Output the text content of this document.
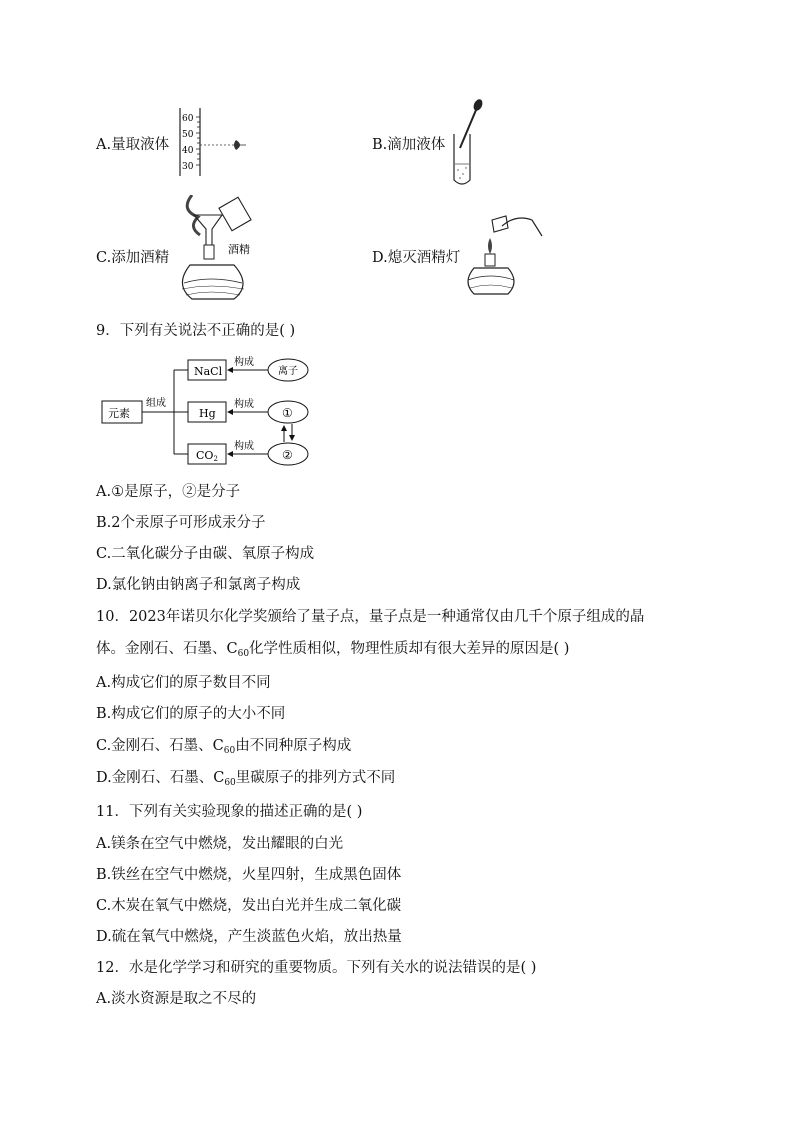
A.量取液体
60
50
40
30
B.滴加液体
C.添加酒精
酒精
D.熄灭酒精灯
9．下列有关说法不正确的是( )
元素
组成
NaCl
Hg
CO2
构成
构成
构成
离子
①
②
A.①是原子，②是分子
B.2个汞原子可形成汞分子
C.二氧化碳分子由碳、氧原子构成
D.氯化钠由钠离子和氯离子构成
10．2023年诺贝尔化学奖颁给了量子点，量子点是一种通常仅由几千个原子组成的晶
体。金刚石、石墨、$C_{60}$化学性质相似，物理性质却有很大差异的原因是( )
A.构成它们的原子数目不同
B.构成它们的原子的大小不同
C.金刚石、石墨、$C_{60}$由不同种原子构成
D.金刚石、石墨、$C_{60}$里碳原子的排列方式不同
11．下列有关实验现象的描述正确的是( )
A.镁条在空气中燃烧，发出耀眼的白光
B.铁丝在空气中燃烧，火星四射，生成黑色固体
C.木炭在氧气中燃烧，发出白光并生成二氧化碳
D.硫在氧气中燃烧，产生淡蓝色火焰，放出热量
12．水是化学学习和研究的重要物质。下列有关水的说法错误的是( )
A.淡水资源是取之不尽的
